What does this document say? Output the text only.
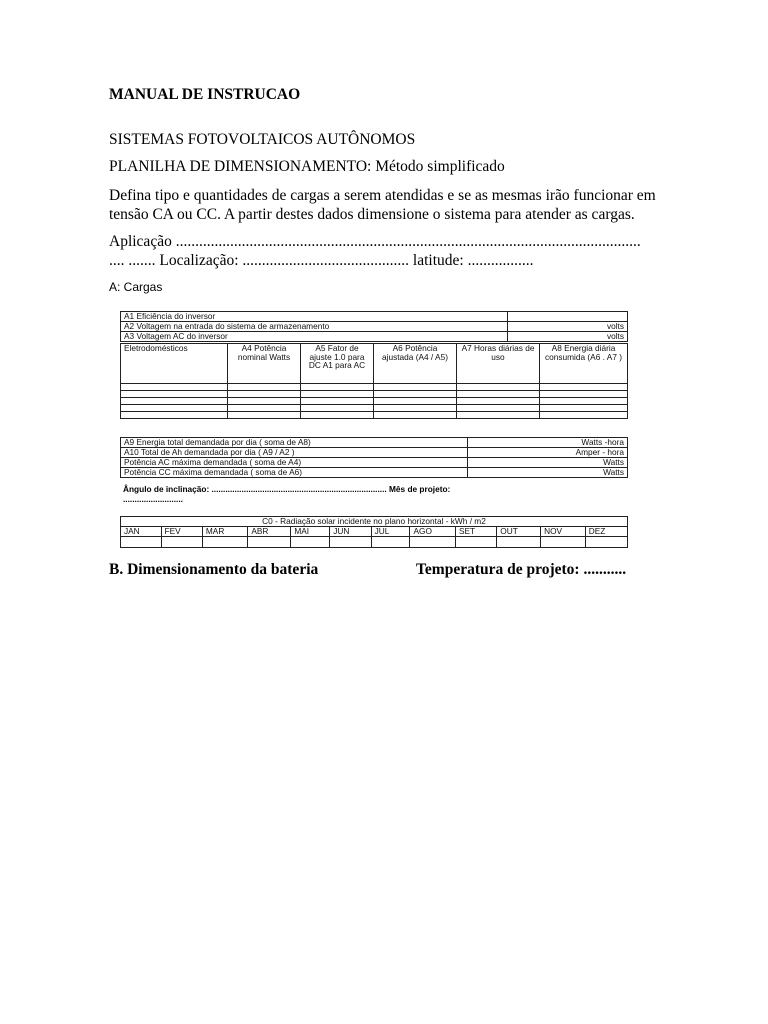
MANUAL DE INSTRUCAO
SISTEMAS FOTOVOLTAICOS AUTÔNOMOS
PLANILHA DE DIMENSIONAMENTO: Método simplificado
Defina tipo e quantidades de cargas a serem atendidas e se as mesmas irão funcionar em tensão CA ou CC. A partir destes dados dimensione o sistema para atender as cargas.
Aplicação ........................................................................................................................
.... ....... Localização: ........................................... latitude: .................
A: Cargas
A1 Eficiência do inversor	
A2 Voltagem na entrada do sistema de armazenamento	volts
A3 Voltagem AC do inversor	volts
Eletrodomésticos	A4 Potência nominal Watts	A5 Fator de ajuste 1.0 para DC A1 para AC	A6 Potência ajustada (A4 / A5)	A7 Horas diárias de uso	A8 Energia diária consumida (A6 . A7 )

A9 Energia total demandada por dia ( soma de A8)	Watts -hora
A10 Total de Ah demandada por dia ( A9 / A2 )	Amper - hora
Potência AC máxima demandada ( soma de A4)	Watts
Potência CC máxima demandada ( soma de A6)	Watts
Ângulo de inclinação: ............................................................................ Mês de projeto:
..........................
C0 - Radiação solar incidente no plano horizontal - kWh / m2											
JAN	FEV	MAR	ABR	MAI	JUN	JUL	AGO	SET	OUT	NOV	DEZ

B. Dimensionamento da bateria	Temperatura de projeto: ...........
